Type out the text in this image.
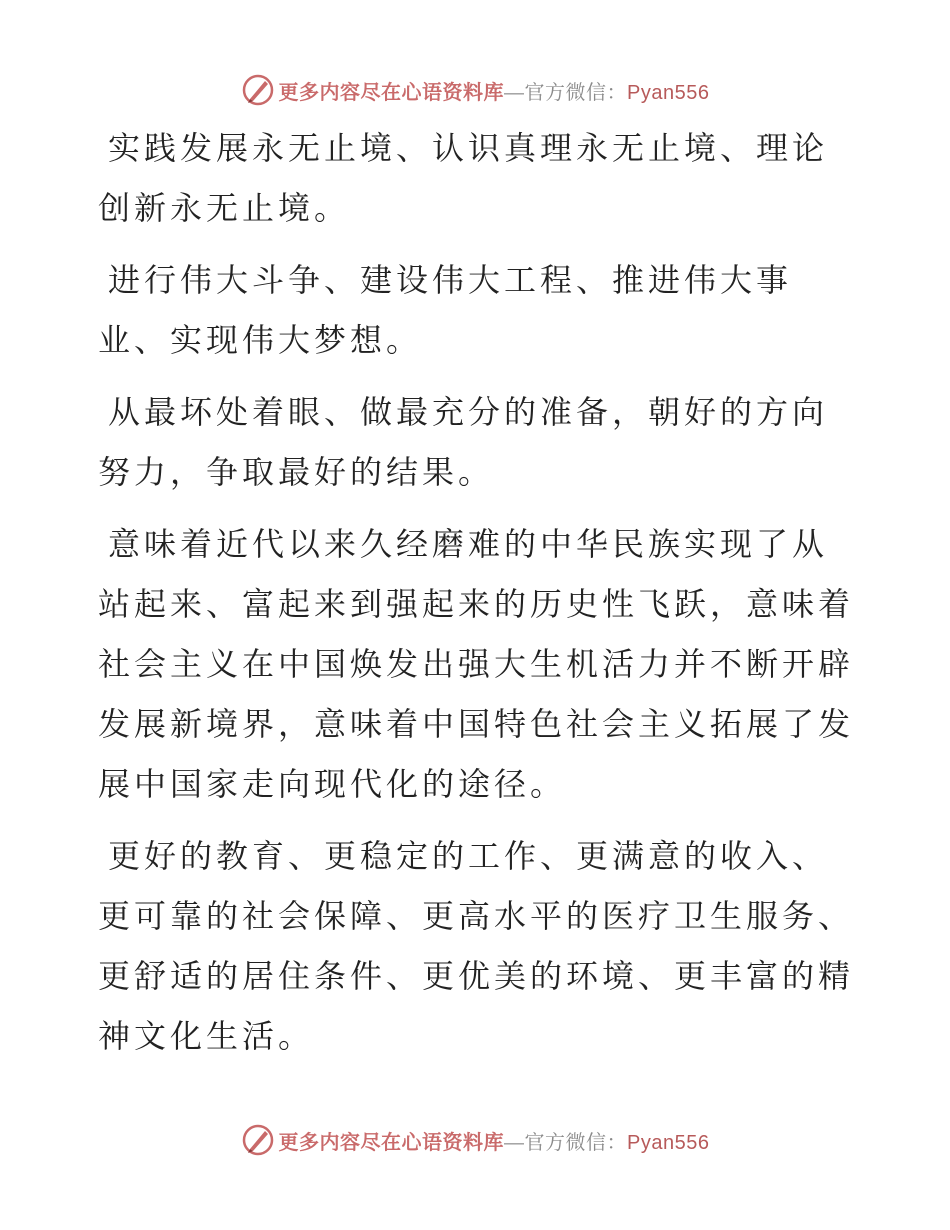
更多内容尽在心语资料库—官方微信：Pyan556

实践发展永无止境、认识真理永无止境、理论创新永无止境。

进行伟大斗争、建设伟大工程、推进伟大事业、实现伟大梦想。

从最坏处着眼、做最充分的准备，朝好的方向努力，争取最好的结果。

意味着近代以来久经磨难的中华民族实现了从站起来、富起来到强起来的历史性飞跃，意味着社会主义在中国焕发出强大生机活力并不断开辟发展新境界，意味着中国特色社会主义拓展了发展中国家走向现代化的途径。

更好的教育、更稳定的工作、更满意的收入、更可靠的社会保障、更高水平的医疗卫生服务、更舒适的居住条件、更优美的环境、更丰富的精神文化生活。

更多内容尽在心语资料库—官方微信：Pyan556
